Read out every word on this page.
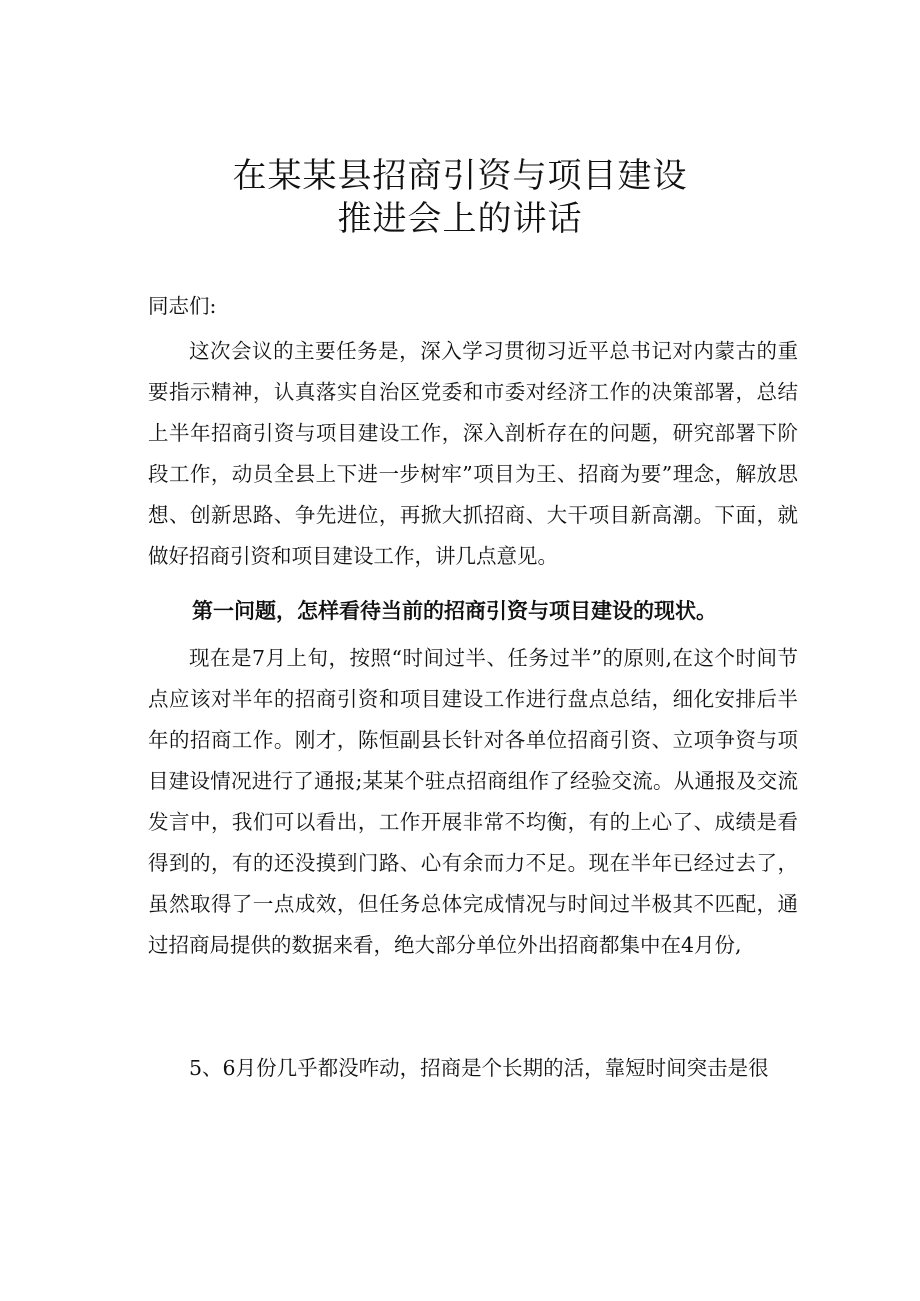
在某某县招商引资与项目建设
推进会上的讲话
同志们:

这次会议的主要任务是，深入学习贯彻习近平总书记对内蒙古的重要指示精神，认真落实自治区党委和市委对经济工作的决策部署，总结上半年招商引资与项目建设工作，深入剖析存在的问题，研究部署下阶段工作，动员全县上下进一步树牢”项目为王、招商为要”理念，解放思想、创新思路、争先进位，再掀大抓招商、大干项目新高潮。下面，就做好招商引资和项目建设工作，讲几点意见。

第一问题，怎样看待当前的招商引资与项目建设的现状。

现在是7月上旬，按照“时间过半、任务过半”的原则,在这个时间节点应该对半年的招商引资和项目建设工作进行盘点总结，细化安排后半年的招商工作。刚才，陈恒副县长针对各单位招商引资、立项争资与项目建设情况进行了通报;某某个驻点招商组作了经验交流。从通报及交流发言中，我们可以看出，工作开展非常不均衡，有的上心了、成绩是看得到的，有的还没摸到门路、心有余而力不足。现在半年已经过去了，虽然取得了一点成效，但任务总体完成情况与时间过半极其不匹配，通过招商局提供的数据来看，绝大部分单位外出招商都集中在4月份,

5、6月份几乎都没咋动，招商是个长期的活，靠短时间突击是很
